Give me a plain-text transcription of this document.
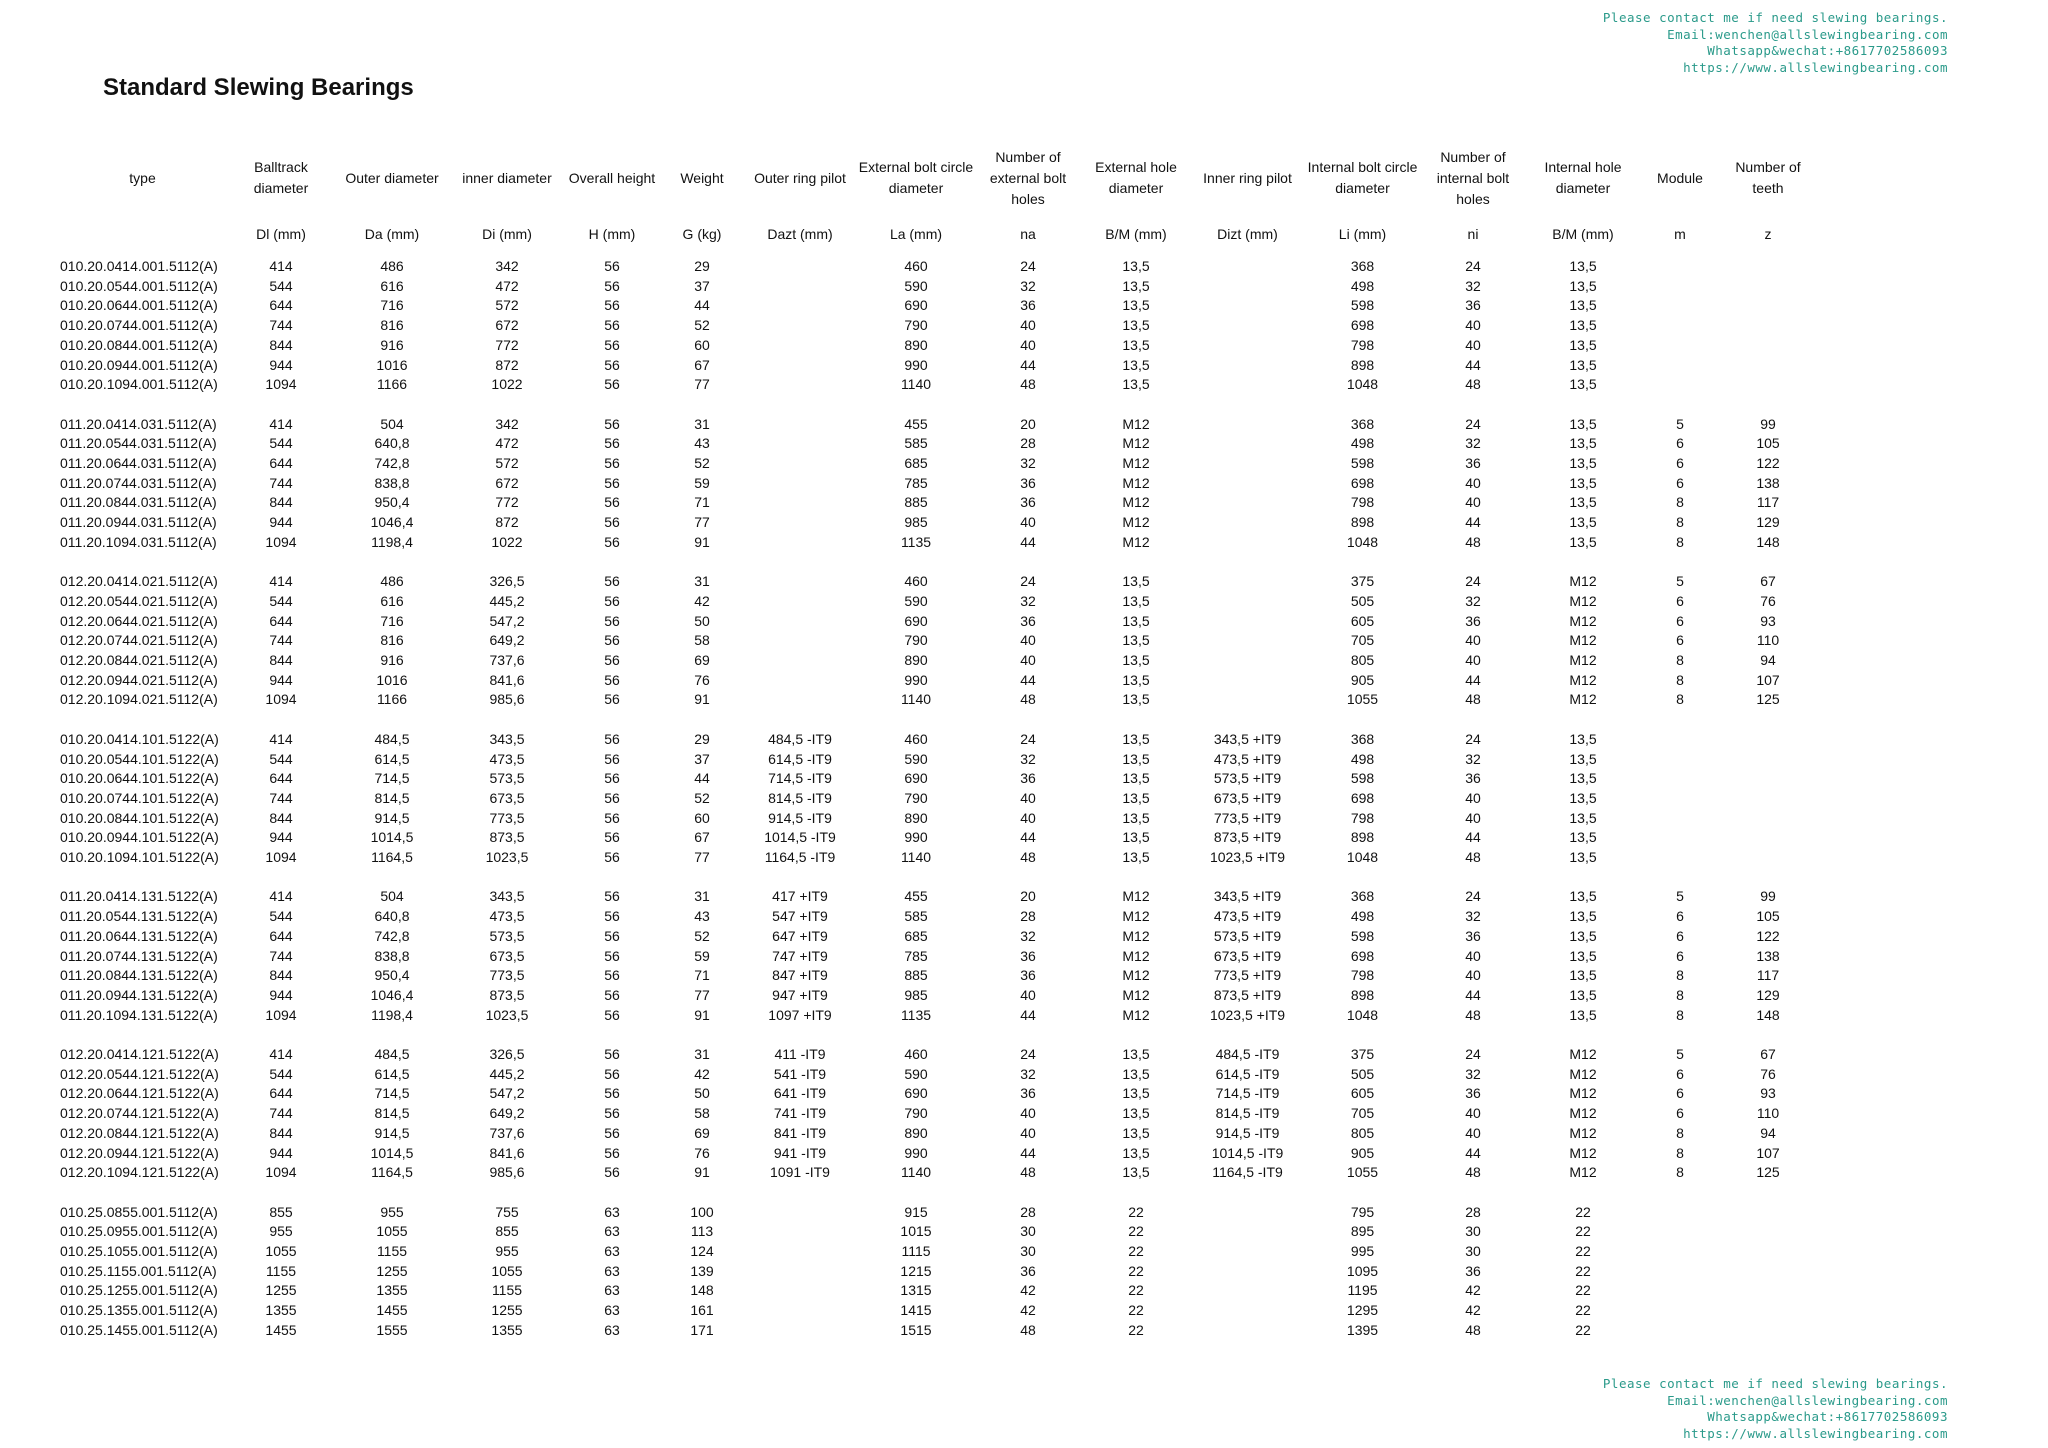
Please contact me if need slewing bearings.
Email:wenchen@allslewingbearing.com
Whatsapp&wechat:+8617702586093
https://www.allslewingbearing.com
Standard Slewing Bearings
type	Balltrack diameter	Outer diameter	inner diameter	Overall height	Weight	Outer ring pilot	External bolt circle diameter	Number of external bolt holes	External hole diameter	Inner ring pilot	Internal bolt circle diameter	Number of internal bolt holes	Internal hole diameter	Module	Number of teeth
	Dl (mm)	Da (mm)	Di (mm)	H (mm)	G (kg)	Dazt (mm)	La (mm)	na	B/M (mm)	Dizt (mm)	Li (mm)	ni	B/M (mm)	m	z
010.20.0414.001.5112(A)	414	486	342	56	29		460	24	13,5		368	24	13,5		
010.20.0544.001.5112(A)	544	616	472	56	37		590	32	13,5		498	32	13,5		
010.20.0644.001.5112(A)	644	716	572	56	44		690	36	13,5		598	36	13,5		
010.20.0744.001.5112(A)	744	816	672	56	52		790	40	13,5		698	40	13,5		
010.20.0844.001.5112(A)	844	916	772	56	60		890	40	13,5		798	40	13,5		
010.20.0944.001.5112(A)	944	1016	872	56	67		990	44	13,5		898	44	13,5		
010.20.1094.001.5112(A)	1094	1166	1022	56	77		1140	48	13,5		1048	48	13,5		

011.20.0414.031.5112(A)	414	504	342	56	31		455	20	M12		368	24	13,5	5	99
011.20.0544.031.5112(A)	544	640,8	472	56	43		585	28	M12		498	32	13,5	6	105
011.20.0644.031.5112(A)	644	742,8	572	56	52		685	32	M12		598	36	13,5	6	122
011.20.0744.031.5112(A)	744	838,8	672	56	59		785	36	M12		698	40	13,5	6	138
011.20.0844.031.5112(A)	844	950,4	772	56	71		885	36	M12		798	40	13,5	8	117
011.20.0944.031.5112(A)	944	1046,4	872	56	77		985	40	M12		898	44	13,5	8	129
011.20.1094.031.5112(A)	1094	1198,4	1022	56	91		1135	44	M12		1048	48	13,5	8	148

012.20.0414.021.5112(A)	414	486	326,5	56	31		460	24	13,5		375	24	M12	5	67
012.20.0544.021.5112(A)	544	616	445,2	56	42		590	32	13,5		505	32	M12	6	76
012.20.0644.021.5112(A)	644	716	547,2	56	50		690	36	13,5		605	36	M12	6	93
012.20.0744.021.5112(A)	744	816	649,2	56	58		790	40	13,5		705	40	M12	6	110
012.20.0844.021.5112(A)	844	916	737,6	56	69		890	40	13,5		805	40	M12	8	94
012.20.0944.021.5112(A)	944	1016	841,6	56	76		990	44	13,5		905	44	M12	8	107
012.20.1094.021.5112(A)	1094	1166	985,6	56	91		1140	48	13,5		1055	48	M12	8	125

010.20.0414.101.5122(A)	414	484,5	343,5	56	29	484,5 -IT9	460	24	13,5	343,5 +IT9	368	24	13,5		
010.20.0544.101.5122(A)	544	614,5	473,5	56	37	614,5 -IT9	590	32	13,5	473,5 +IT9	498	32	13,5		
010.20.0644.101.5122(A)	644	714,5	573,5	56	44	714,5 -IT9	690	36	13,5	573,5 +IT9	598	36	13,5		
010.20.0744.101.5122(A)	744	814,5	673,5	56	52	814,5 -IT9	790	40	13,5	673,5 +IT9	698	40	13,5		
010.20.0844.101.5122(A)	844	914,5	773,5	56	60	914,5 -IT9	890	40	13,5	773,5 +IT9	798	40	13,5		
010.20.0944.101.5122(A)	944	1014,5	873,5	56	67	1014,5 -IT9	990	44	13,5	873,5 +IT9	898	44	13,5		
010.20.1094.101.5122(A)	1094	1164,5	1023,5	56	77	1164,5 -IT9	1140	48	13,5	1023,5 +IT9	1048	48	13,5		

011.20.0414.131.5122(A)	414	504	343,5	56	31	417 +IT9	455	20	M12	343,5 +IT9	368	24	13,5	5	99
011.20.0544.131.5122(A)	544	640,8	473,5	56	43	547 +IT9	585	28	M12	473,5 +IT9	498	32	13,5	6	105
011.20.0644.131.5122(A)	644	742,8	573,5	56	52	647 +IT9	685	32	M12	573,5 +IT9	598	36	13,5	6	122
011.20.0744.131.5122(A)	744	838,8	673,5	56	59	747 +IT9	785	36	M12	673,5 +IT9	698	40	13,5	6	138
011.20.0844.131.5122(A)	844	950,4	773,5	56	71	847 +IT9	885	36	M12	773,5 +IT9	798	40	13,5	8	117
011.20.0944.131.5122(A)	944	1046,4	873,5	56	77	947 +IT9	985	40	M12	873,5 +IT9	898	44	13,5	8	129
011.20.1094.131.5122(A)	1094	1198,4	1023,5	56	91	1097 +IT9	1135	44	M12	1023,5 +IT9	1048	48	13,5	8	148

012.20.0414.121.5122(A)	414	484,5	326,5	56	31	411 -IT9	460	24	13,5	484,5 -IT9	375	24	M12	5	67
012.20.0544.121.5122(A)	544	614,5	445,2	56	42	541 -IT9	590	32	13,5	614,5 -IT9	505	32	M12	6	76
012.20.0644.121.5122(A)	644	714,5	547,2	56	50	641 -IT9	690	36	13,5	714,5 -IT9	605	36	M12	6	93
012.20.0744.121.5122(A)	744	814,5	649,2	56	58	741 -IT9	790	40	13,5	814,5 -IT9	705	40	M12	6	110
012.20.0844.121.5122(A)	844	914,5	737,6	56	69	841 -IT9	890	40	13,5	914,5 -IT9	805	40	M12	8	94
012.20.0944.121.5122(A)	944	1014,5	841,6	56	76	941 -IT9	990	44	13,5	1014,5 -IT9	905	44	M12	8	107
012.20.1094.121.5122(A)	1094	1164,5	985,6	56	91	1091 -IT9	1140	48	13,5	1164,5 -IT9	1055	48	M12	8	125

010.25.0855.001.5112(A)	855	955	755	63	100		915	28	22		795	28	22		
010.25.0955.001.5112(A)	955	1055	855	63	113		1015	30	22		895	30	22		
010.25.1055.001.5112(A)	1055	1155	955	63	124		1115	30	22		995	30	22		
010.25.1155.001.5112(A)	1155	1255	1055	63	139		1215	36	22		1095	36	22		
010.25.1255.001.5112(A)	1255	1355	1155	63	148		1315	42	22		1195	42	22		
010.25.1355.001.5112(A)	1355	1455	1255	63	161		1415	42	22		1295	42	22		
010.25.1455.001.5112(A)	1455	1555	1355	63	171		1515	48	22		1395	48	22		
Please contact me if need slewing bearings.
Email:wenchen@allslewingbearing.com
Whatsapp&wechat:+8617702586093
https://www.allslewingbearing.com
